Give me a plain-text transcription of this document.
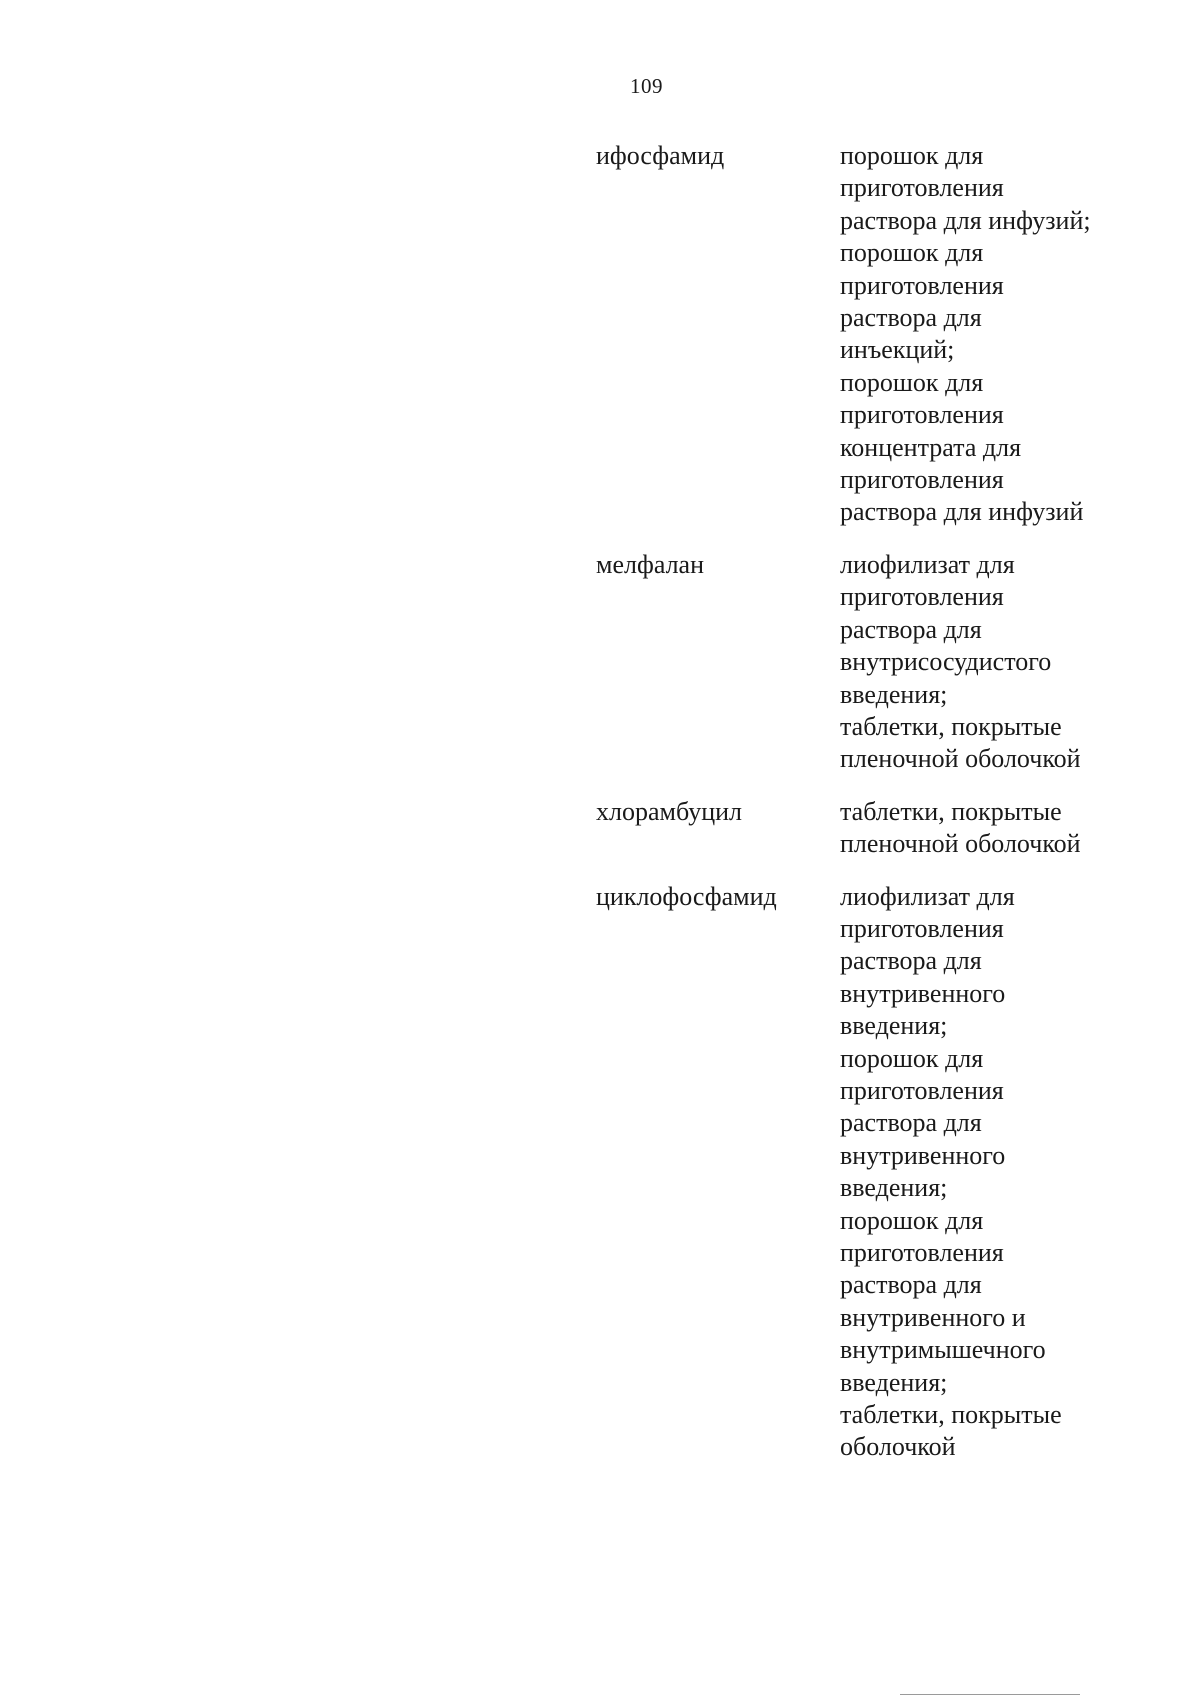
109
ифосфамид	порошок для
приготовления
раствора для инфузий;
порошок для
приготовления
раствора для
инъекций;
порошок для
приготовления
концентрата для
приготовления
раствора для инфузий
мелфалан	лиофилизат для
приготовления
раствора для
внутрисосудистого
введения;
таблетки, покрытые
пленочной оболочкой
хлорамбуцил	таблетки, покрытые
пленочной оболочкой
циклофосфамид	лиофилизат для
приготовления
раствора для
внутривенного
введения;
порошок для
приготовления
раствора для
внутривенного
введения;
порошок для
приготовления
раствора для
внутривенного и
внутримышечного
введения;
таблетки, покрытые
оболочкой
